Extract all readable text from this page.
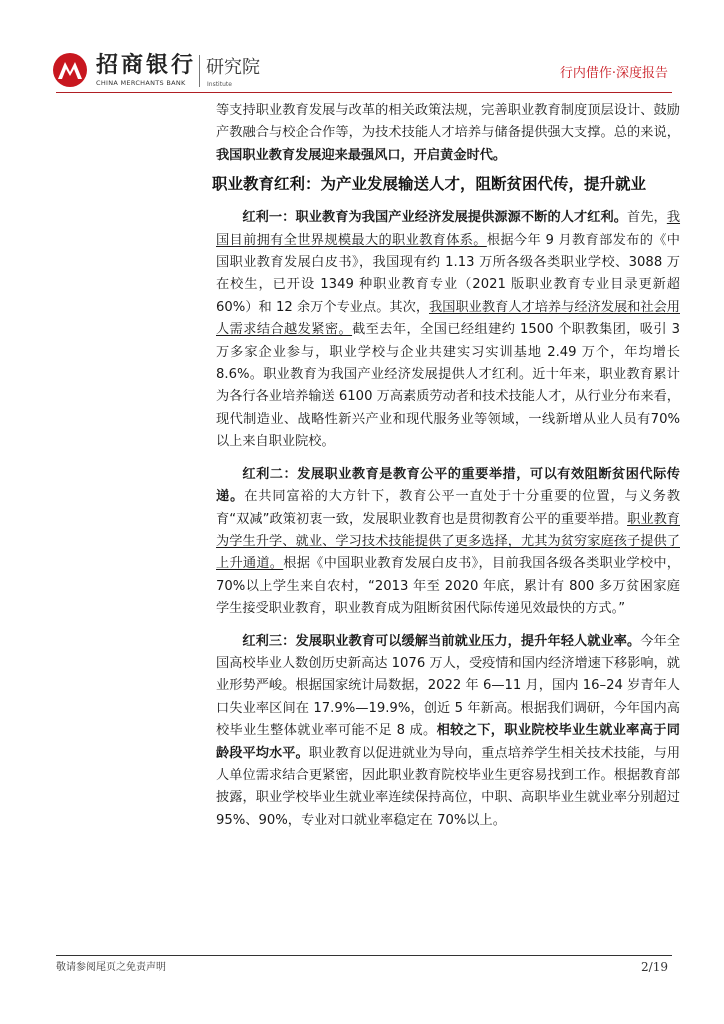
招商银行
CHINA MERCHANTS BANK
研究院
Institute
行内借作·深度报告

等支持职业教育发展与改革的相关政策法规，完善职业教育制度顶层设计、鼓励产教融合与校企合作等，为技术技能人才培养与储备提供强大支撑。总的来说，我国职业教育发展迎来最强风口，开启黄金时代。

职业教育红利：为产业发展输送人才，阻断贫困代传，提升就业

红利一：职业教育为我国产业经济发展提供源源不断的人才红利。首先，我国目前拥有全世界规模最大的职业教育体系。根据今年 9 月教育部发布的《中国职业教育发展白皮书》，我国现有约 1.13 万所各级各类职业学校、3088 万在校生，已开设 1349 种职业教育专业（2021 版职业教育专业目录更新超 60%）和 12 余万个专业点。其次，我国职业教育人才培养与经济发展和社会用人需求结合越发紧密。截至去年，全国已经组建约 1500 个职教集团，吸引 3 万多家企业参与，职业学校与企业共建实习实训基地 2.49 万个，年均增长 8.6%。职业教育为我国产业经济发展提供人才红利。近十年来，职业教育累计为各行各业培养输送 6100 万高素质劳动者和技术技能人才，从行业分布来看，现代制造业、战略性新兴产业和现代服务业等领域，一线新增从业人员有70%以上来自职业院校。

红利二：发展职业教育是教育公平的重要举措，可以有效阻断贫困代际传递。在共同富裕的大方针下，教育公平一直处于十分重要的位置，与义务教育“双减”政策初衷一致，发展职业教育也是贯彻教育公平的重要举措。职业教育为学生升学、就业、学习技术技能提供了更多选择，尤其为贫穷家庭孩子提供了上升通道。根据《中国职业教育发展白皮书》，目前我国各级各类职业学校中，70%以上学生来自农村，“2013 年至 2020 年底，累计有 800 多万贫困家庭学生接受职业教育，职业教育成为阻断贫困代际传递见效最快的方式。”

红利三：发展职业教育可以缓解当前就业压力，提升年轻人就业率。今年全国高校毕业人数创历史新高达 1076 万人，受疫情和国内经济增速下移影响，就业形势严峻。根据国家统计局数据，2022 年 6—11 月，国内 16–24 岁青年人口失业率区间在 17.9%—19.9%，创近 5 年新高。根据我们调研，今年国内高校毕业生整体就业率可能不足 8 成。相较之下，职业院校毕业生就业率高于同龄段平均水平。职业教育以促进就业为导向，重点培养学生相关技术技能，与用人单位需求结合更紧密，因此职业教育院校毕业生更容易找到工作。根据教育部披露，职业学校毕业生就业率连续保持高位，中职、高职毕业生就业率分别超过 95%、90%，专业对口就业率稳定在 70%以上。

敬请参阅尾页之免责声明	2/19
